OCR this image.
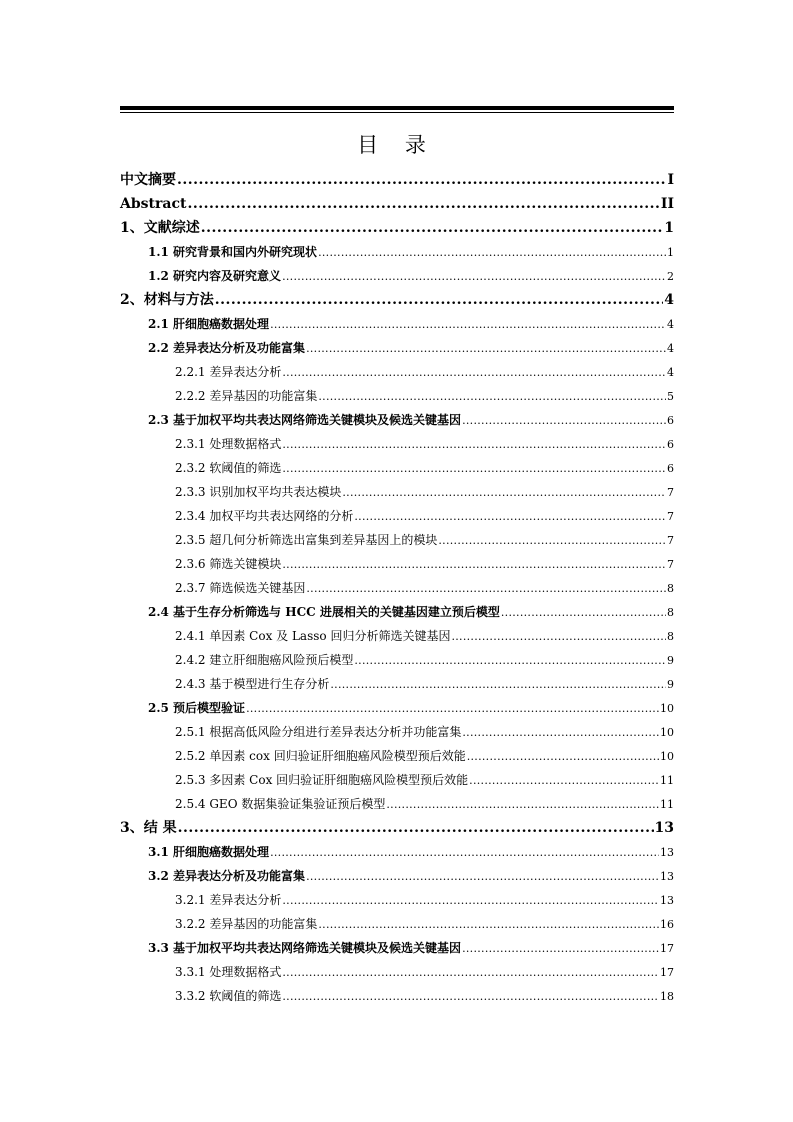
目 录
中文摘要 .....	I
Abstract .....	II
1、文献综述 .....	1
1.1 研究背景和国内外研究现状 .....	1
1.2 研究内容及研究意义 .....	2
2、材料与方法 .....	4
2.1 肝细胞癌数据处理 .....	4
2.2 差异表达分析及功能富集 .....	4
2.2.1 差异表达分析 .....	4
2.2.2 差异基因的功能富集 .....	5
2.3 基于加权平均共表达网络筛选关键模块及候选关键基因 .....	6
2.3.1 处理数据格式 .....	6
2.3.2 软阈值的筛选 .....	6
2.3.3 识别加权平均共表达模块 .....	7
2.3.4 加权平均共表达网络的分析 .....	7
2.3.5 超几何分析筛选出富集到差异基因上的模块 .....	7
2.3.6 筛选关键模块 .....	7
2.3.7 筛选候选关键基因 .....	8
2.4 基于生存分析筛选与 HCC 进展相关的关键基因建立预后模型 .....	8
2.4.1 单因素 Cox 及 Lasso 回归分析筛选关键基因 .....	8
2.4.2 建立肝细胞癌风险预后模型 .....	9
2.4.3 基于模型进行生存分析 .....	9
2.5 预后模型验证 .....	10
2.5.1 根据高低风险分组进行差异表达分析并功能富集 .....	10
2.5.2 单因素 cox 回归验证肝细胞癌风险模型预后效能 .....	10
2.5.3 多因素 Cox 回归验证肝细胞癌风险模型预后效能 .....	11
2.5.4 GEO 数据集验证集验证预后模型 .....	11
3、结 果 .....	13
3.1 肝细胞癌数据处理 .....	13
3.2 差异表达分析及功能富集 .....	13
3.2.1 差异表达分析 .....	13
3.2.2 差异基因的功能富集 .....	16
3.3 基于加权平均共表达网络筛选关键模块及候选关键基因 .....	17
3.3.1 处理数据格式 .....	17
3.3.2 软阈值的筛选 .....	18
